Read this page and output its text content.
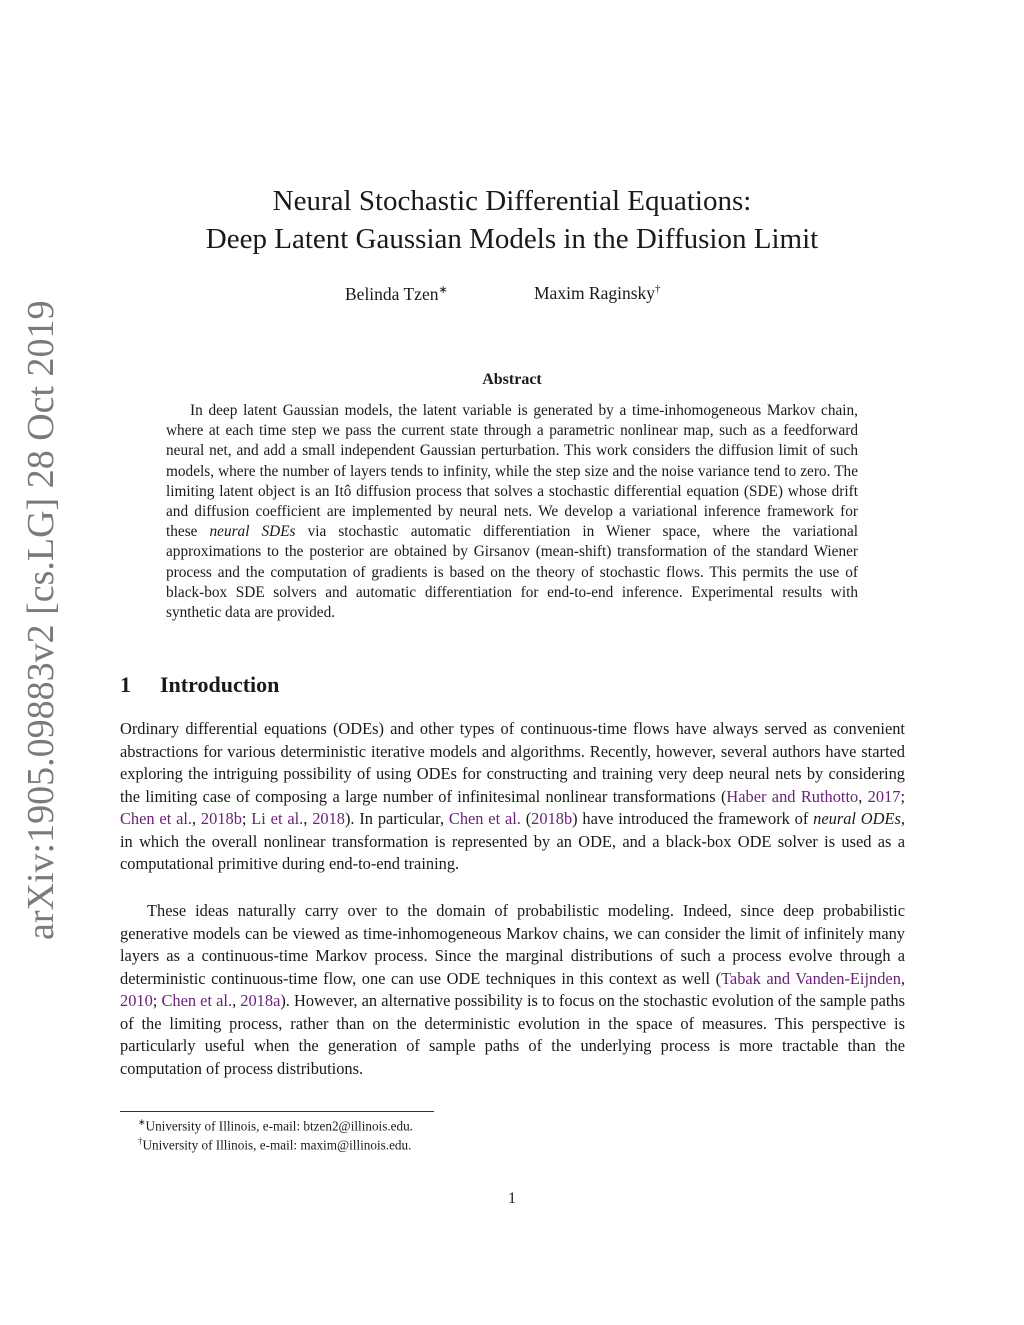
arXiv:1905.09883v2 [cs.LG] 28 Oct 2019
Neural Stochastic Differential Equations:
Deep Latent Gaussian Models in the Diffusion Limit
Belinda Tzen∗	Maxim Raginsky†
Abstract
In deep latent Gaussian models, the latent variable is generated by a time-inhomogeneous Markov chain, where at each time step we pass the current state through a parametric nonlinear map, such as a feedforward neural net, and add a small independent Gaussian perturbation. This work considers the diffusion limit of such models, where the number of layers tends to infinity, while the step size and the noise variance tend to zero. The limiting latent object is an Itô diffusion process that solves a stochastic differential equation (SDE) whose drift and diffusion coefficient are implemented by neural nets. We develop a variational inference framework for these neural SDEs via stochastic automatic differentiation in Wiener space, where the variational approximations to the posterior are obtained by Girsanov (mean-shift) transformation of the standard Wiener process and the computation of gradients is based on the theory of stochastic flows. This permits the use of black-box SDE solvers and automatic differentiation for end-to-end inference. Experimental results with synthetic data are provided.
1 Introduction
Ordinary differential equations (ODEs) and other types of continuous-time flows have always served as convenient abstractions for various deterministic iterative models and algorithms. Recently, however, several authors have started exploring the intriguing possibility of using ODEs for constructing and training very deep neural nets by considering the limiting case of composing a large number of infinitesimal nonlinear transformations (Haber and Ruthotto, 2017; Chen et al., 2018b; Li et al., 2018). In particular, Chen et al. (2018b) have introduced the framework of neural ODEs, in which the overall nonlinear transformation is represented by an ODE, and a black-box ODE solver is used as a computational primitive during end-to-end training.
These ideas naturally carry over to the domain of probabilistic modeling. Indeed, since deep probabilistic generative models can be viewed as time-inhomogeneous Markov chains, we can consider the limit of infinitely many layers as a continuous-time Markov process. Since the marginal distributions of such a process evolve through a deterministic continuous-time flow, one can use ODE techniques in this context as well (Tabak and Vanden-Eijnden, 2010; Chen et al., 2018a). However, an alternative possibility is to focus on the stochastic evolution of the sample paths of the limiting process, rather than on the deterministic evolution in the space of measures. This perspective is particularly useful when the generation of sample paths of the underlying process is more tractable than the computation of process distributions.
∗University of Illinois, e-mail: btzen2@illinois.edu.
†University of Illinois, e-mail: maxim@illinois.edu.
1
